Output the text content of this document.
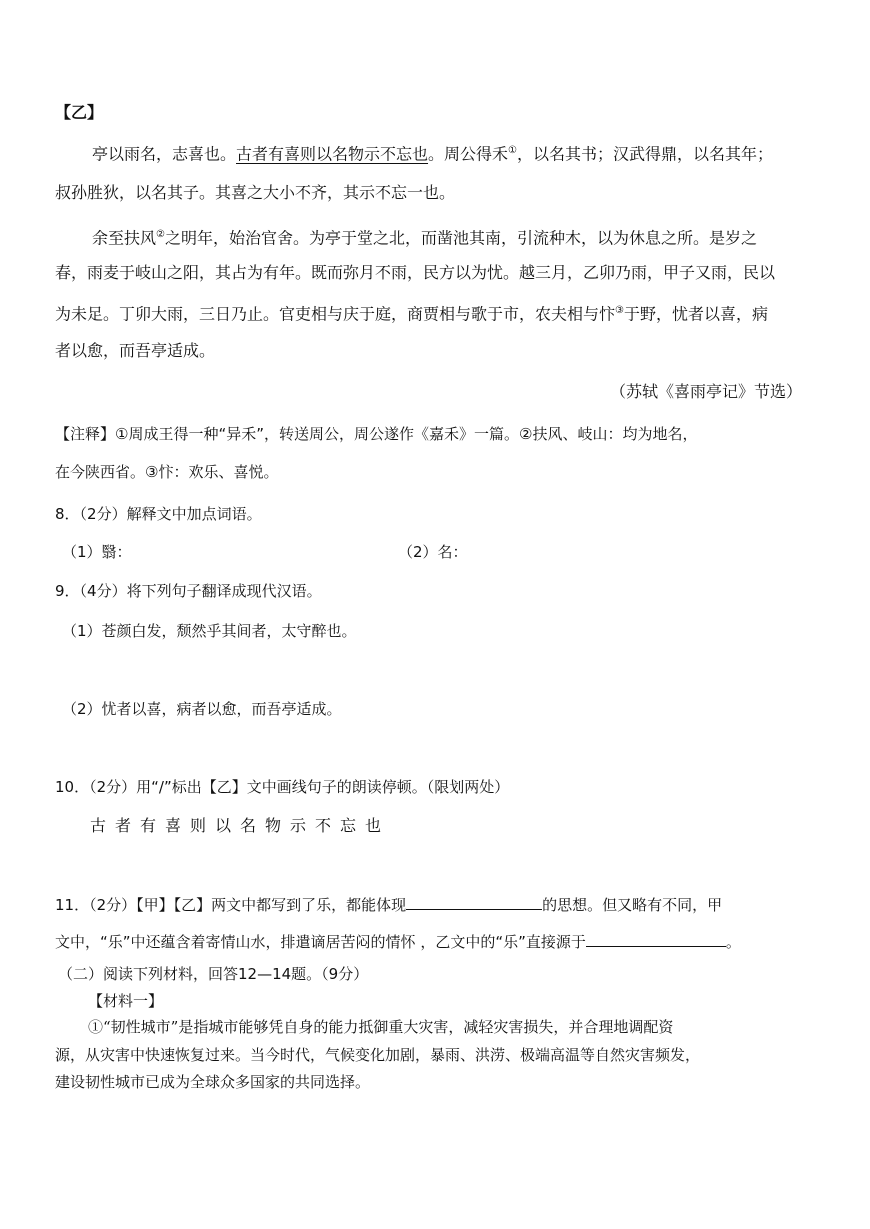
【乙】
亭以雨名，志喜也。古者有喜则以名物示不忘也。周公得禾①，以名其书；汉武得鼎，以名其年；
叔孙胜狄，以名其子。其喜之大小不齐，其示不忘一也。
余至扶风②之明年，始治官舍。为亭于堂之北，而凿池其南，引流种木，以为休息之所。是岁之
春，雨麦于岐山之阳，其占为有年。既而弥月不雨，民方以为忧。越三月，乙卯乃雨，甲子又雨，民以
为未足。丁卯大雨，三日乃止。官吏相与庆于庭，商贾相与歌于市，农夫相与忭③于野，忧者以喜，病
者以愈，而吾亭适成。
（苏轼《喜雨亭记》节选）
【注释】①周成王得一种“异禾”，转送周公，周公遂作《嘉禾》一篇。②扶风、岐山：均为地名，
在今陕西省。③忭：欢乐、喜悦。
8．（2分）解释文中加点词语。
（1）翳：	（2）名：
9．（4分）将下列句子翻译成现代汉语。
（1）苍颜白发，颓然乎其间者，太守醉也。
（2）忧者以喜，病者以愈，而吾亭适成。
10．（2分）用“/”标出【乙】文中画线句子的朗读停顿。（限划两处）
古者有喜则以名物示不忘也
11．（2分）【甲】【乙】两文中都写到了乐，都能体现	的思想。但又略有不同，甲
文中，“乐”中还蕴含着寄情山水，排遣谪居苦闷的情怀 ，乙文中的“乐”直接源于	。
（二）阅读下列材料，回答12—14题。（9分）
【材料一】
①“韧性城市”是指城市能够凭自身的能力抵御重大灾害，减轻灾害损失，并合理地调配资
源，从灾害中快速恢复过来。当今时代，气候变化加剧，暴雨、洪涝、极端高温等自然灾害频发，
建设韧性城市已成为全球众多国家的共同选择。
